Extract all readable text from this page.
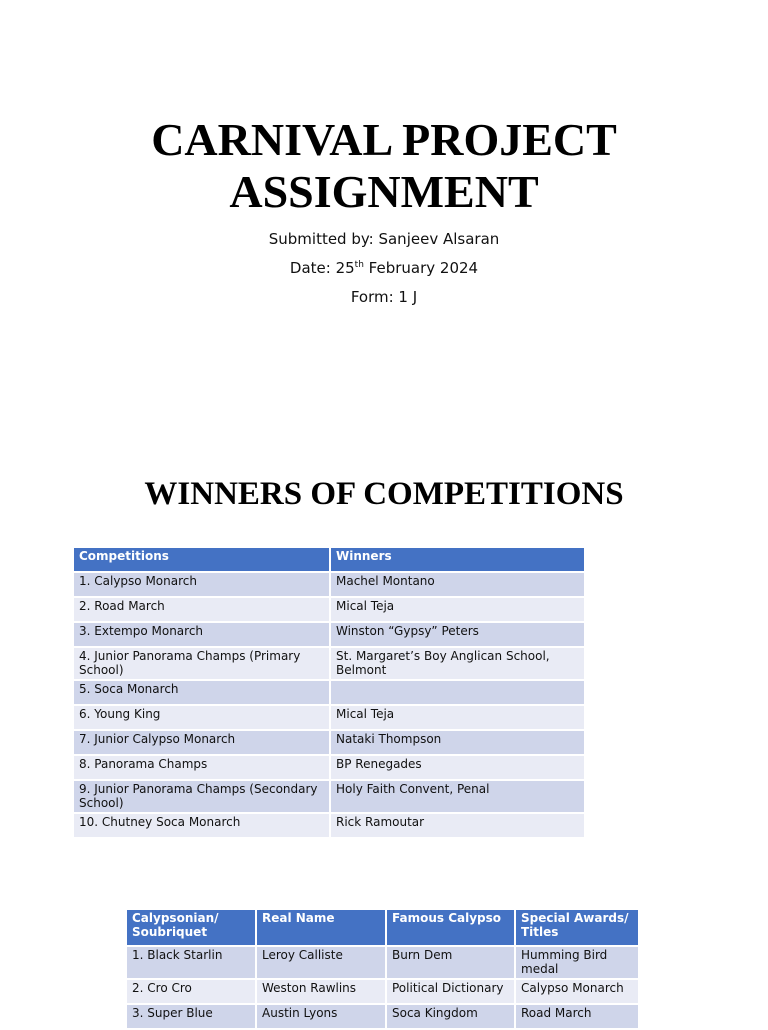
CARNIVAL PROJECT
ASSIGNMENT
Submitted by: Sanjeev Alsaran
Date: 25th February 2024
Form: 1 J
WINNERS OF COMPETITIONS
Competitions	Winners
1. Calypso Monarch	Machel Montano
2. Road March	Mical Teja
3. Extempo Monarch	Winston “Gypsy” Peters
4. Junior Panorama Champs (Primary School)	St. Margaret’s Boy Anglican School, Belmont
5. Soca Monarch	
6. Young King	Mical Teja
7. Junior Calypso Monarch	Nataki Thompson
8. Panorama Champs	BP Renegades
9. Junior Panorama Champs (Secondary School)	Holy Faith Convent, Penal
10. Chutney Soca Monarch	Rick Ramoutar
Calypsonian/ Soubriquet	Real Name	Famous Calypso	Special Awards/ Titles
1. Black Starlin	Leroy Calliste	Burn Dem	Humming Bird medal
2. Cro Cro	Weston Rawlins	Political Dictionary	Calypso Monarch
3. Super Blue	Austin Lyons	Soca Kingdom	Road March
